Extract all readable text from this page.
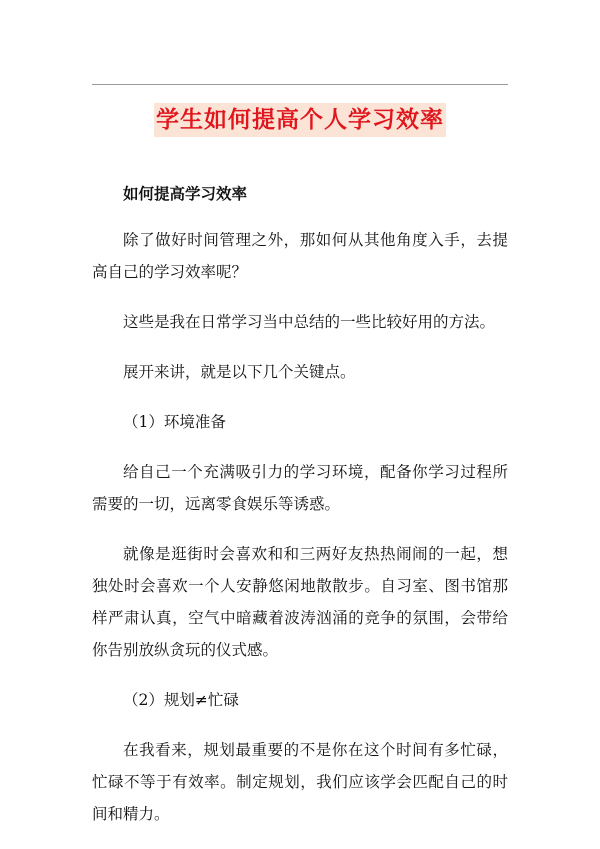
学生如何提高个人学习效率

如何提高学习效率

除了做好时间管理之外，那如何从其他角度入手，去提高自己的学习效率呢？

这些是我在日常学习当中总结的一些比较好用的方法。

展开来讲，就是以下几个关键点。

（1）环境准备

给自己一个充满吸引力的学习环境，配备你学习过程所需要的一切，远离零食娱乐等诱惑。

就像是逛街时会喜欢和和三两好友热热闹闹的一起，想独处时会喜欢一个人安静悠闲地散散步。自习室、图书馆那样严肃认真，空气中暗藏着波涛汹涌的竞争的氛围，会带给你告别放纵贪玩的仪式感。

（2）规划≠忙碌

在我看来，规划最重要的不是你在这个时间有多忙碌，忙碌不等于有效率。制定规划，我们应该学会匹配自己的时间和精力。
